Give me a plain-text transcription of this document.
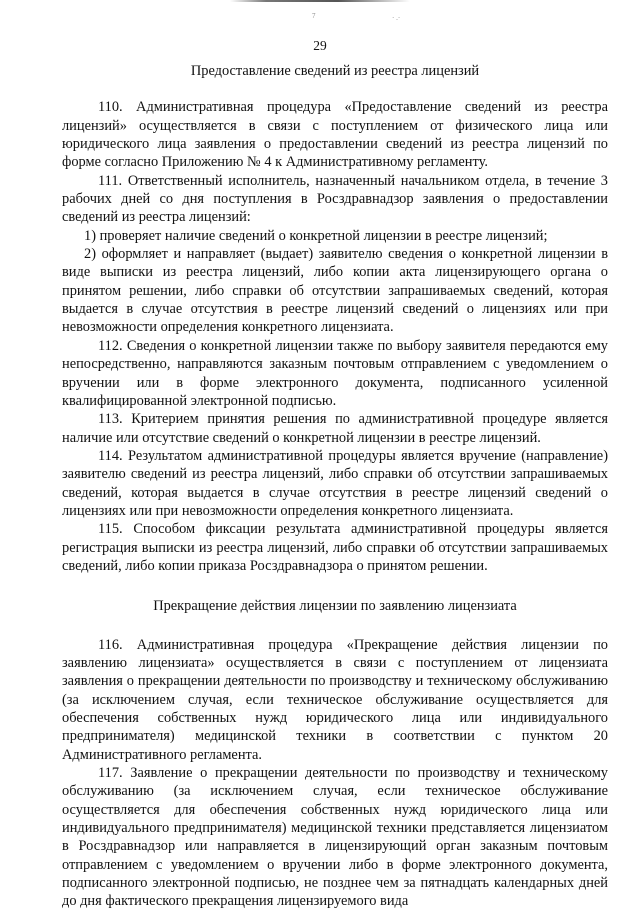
7	· .·
29
Предоставление сведений из реестра лицензий

110. Административная процедура «Предоставление сведений из реестра лицензий» осуществляется в связи с поступлением от физического лица или юридического лица заявления о предоставлении сведений из реестра лицензий по форме согласно Приложению № 4 к Административному регламенту.

111. Ответственный исполнитель, назначенный начальником отдела, в течение 3 рабочих дней со дня поступления в Росздравнадзор заявления о предоставлении сведений из реестра лицензий:

1) проверяет наличие сведений о конкретной лицензии в реестре лицензий;

2) оформляет и направляет (выдает) заявителю сведения о конкретной лицензии в виде выписки из реестра лицензий, либо копии акта лицензирующего органа о принятом решении, либо справки об отсутствии запрашиваемых сведений, которая выдается в случае отсутствия в реестре лицензий сведений о лицензиях или при невозможности определения конкретного лицензиата.

112. Сведения о конкретной лицензии также по выбору заявителя передаются ему непосредственно, направляются заказным почтовым отправлением с уведомлением о вручении или в форме электронного документа, подписанного усиленной квалифицированной электронной подписью.

113. Критерием принятия решения по административной процедуре является наличие или отсутствие сведений о конкретной лицензии в реестре лицензий.

114. Результатом административной процедуры является вручение (направление) заявителю сведений из реестра лицензий, либо справки об отсутствии запрашиваемых сведений, которая выдается в случае отсутствия в реестре лицензий сведений о лицензиях или при невозможности определения конкретного лицензиата.

115. Способом фиксации результата административной процедуры является регистрация выписки из реестра лицензий, либо справки об отсутствии запрашиваемых сведений, либо копии приказа Росздравнадзора о принятом решении.

Прекращение действия лицензии по заявлению лицензиата

116. Административная процедура «Прекращение действия лицензии по заявлению лицензиата» осуществляется в связи с поступлением от лицензиата заявления о прекращении деятельности по производству и техническому обслуживанию (за исключением случая, если техническое обслуживание осуществляется для обеспечения собственных нужд юридического лица или индивидуального предпринимателя) медицинской техники в соответствии с пунктом 20 Административного регламента.

117. Заявление о прекращении деятельности по производству и техническому обслуживанию (за исключением случая, если техническое обслуживание осуществляется для обеспечения собственных нужд юридического лица или индивидуального предпринимателя) медицинской техники представляется лицензиатом в Росздравнадзор или направляется в лицензирующий орган заказным почтовым отправлением с уведомлением о вручении либо в форме электронного документа, подписанного электронной подписью, не позднее чем за пятнадцать календарных дней до дня фактического прекращения лицензируемого вида
